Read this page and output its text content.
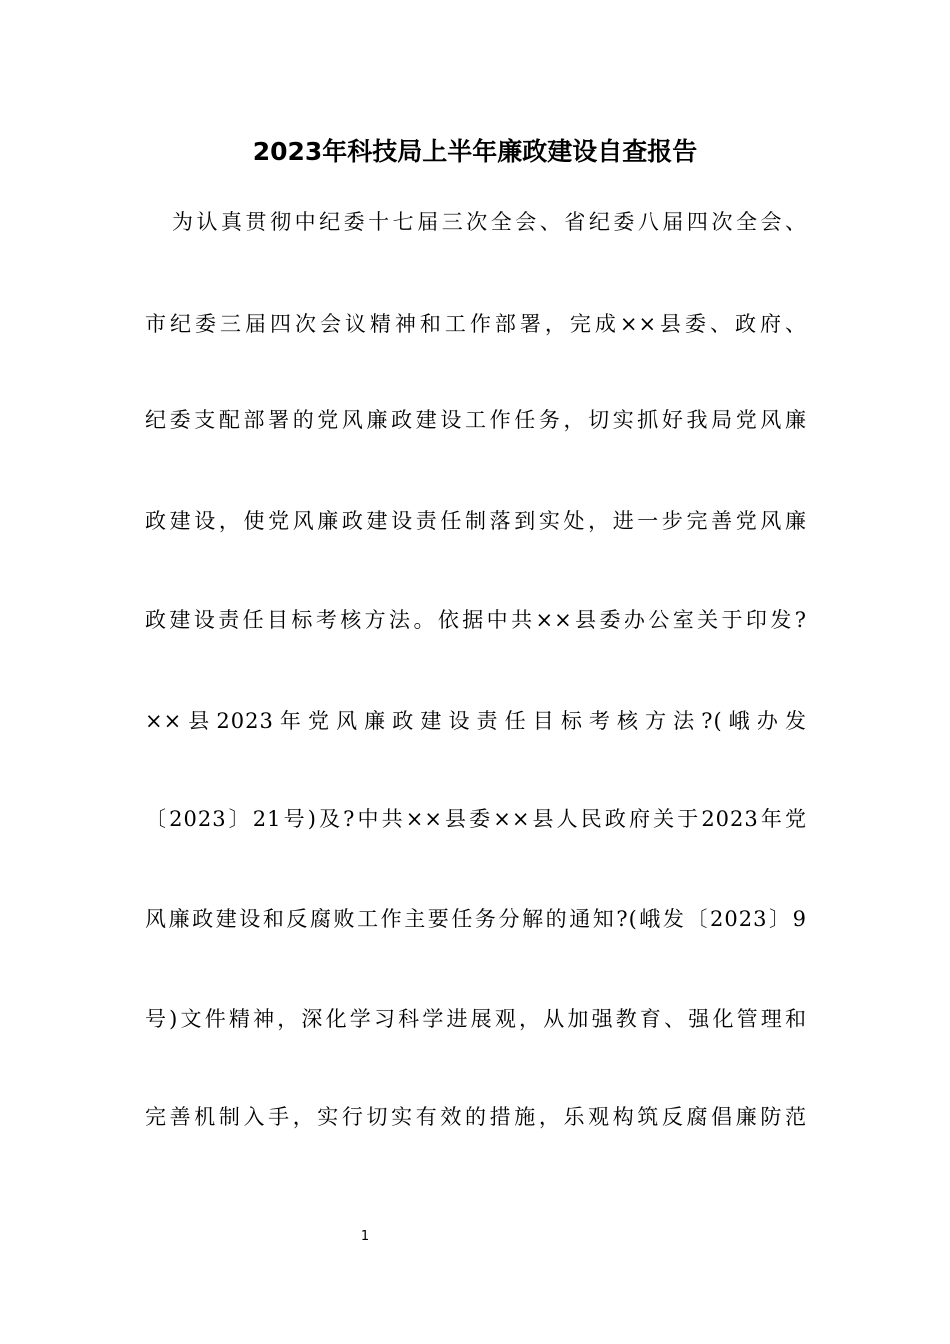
2023年科技局上半年廉政建设自查报告
为认真贯彻中纪委十七届三次全会、省纪委八届四次全会、
市纪委三届四次会议精神和工作部署，完成××县委、政府、
纪委支配部署的党风廉政建设工作任务，切实抓好我局党风廉
政建设，使党风廉政建设责任制落到实处，进一步完善党风廉
政建设责任目标考核方法。依据中共××县委办公室关于印发?
××县2023年党风廉政建设责任目标考核方法?(峨办发
〔2023〕21号)及?中共××县委××县人民政府关于2023年党
风廉政建设和反腐败工作主要任务分解的通知?(峨发〔2023〕9
号)文件精神，深化学习科学进展观，从加强教育、强化管理和
完善机制入手，实行切实有效的措施，乐观构筑反腐倡廉防范
1
